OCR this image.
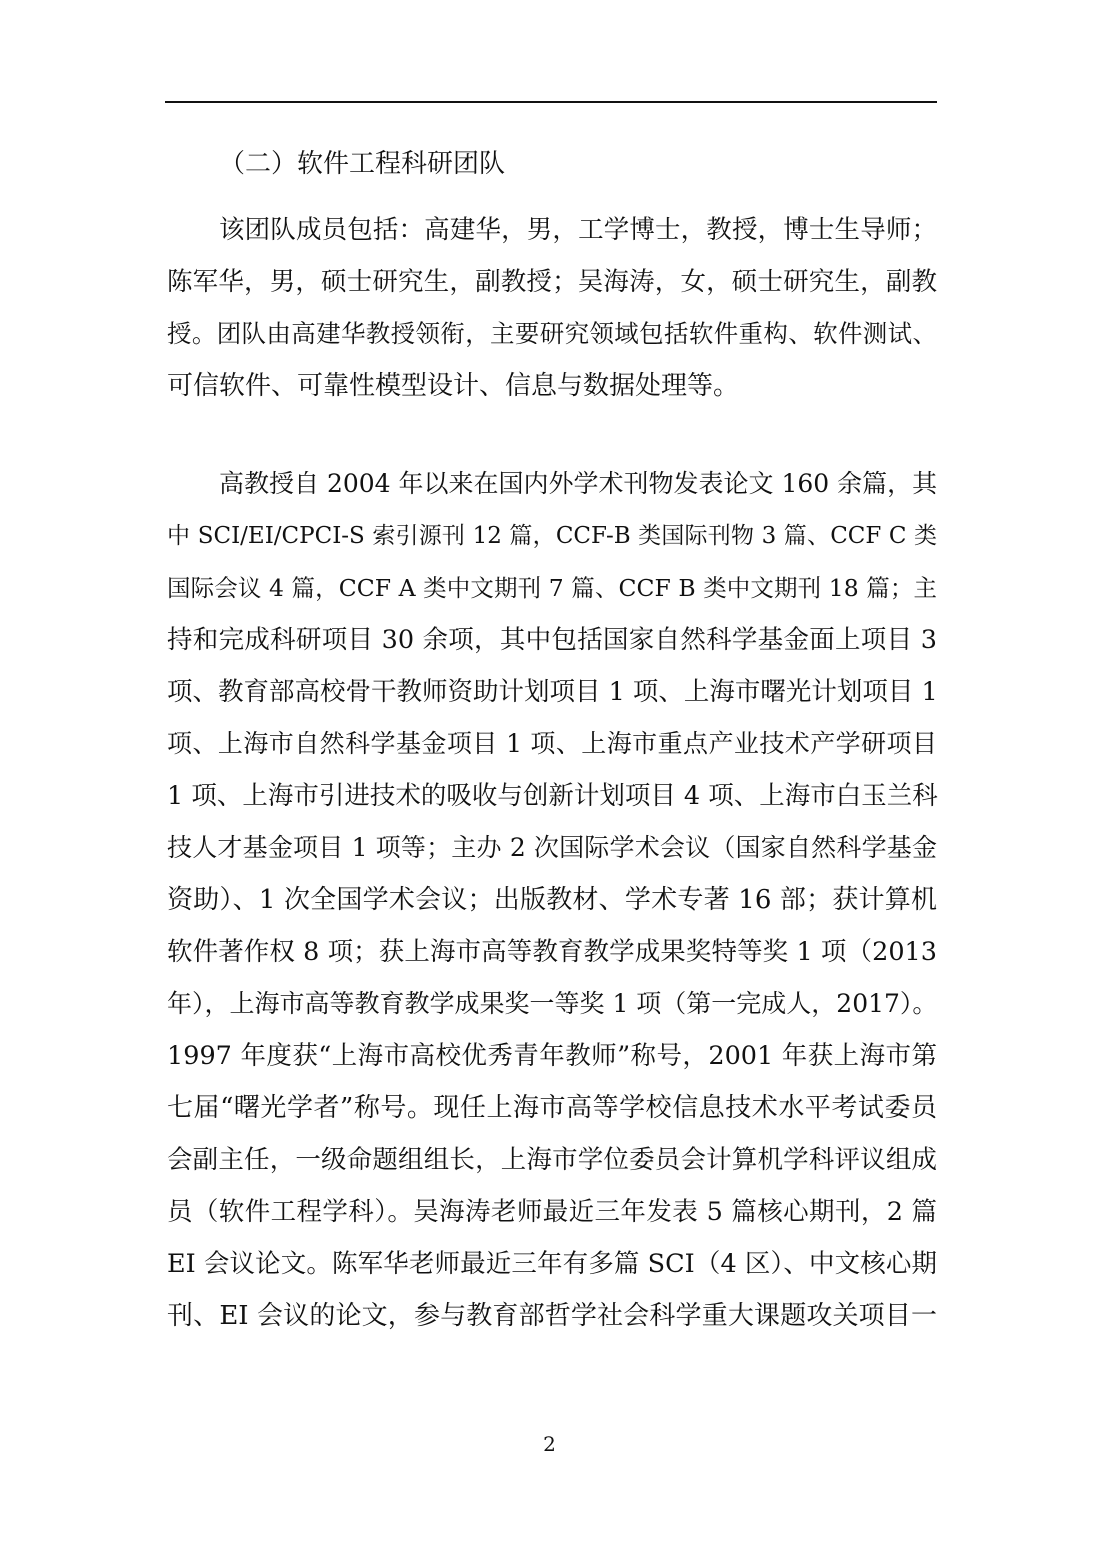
（二）软件工程科研团队
该团队成员包括：高建华，男，工学博士，教授，博士生导师；
陈军华，男，硕士研究生，副教授；吴海涛，女，硕士研究生，副教
授。团队由高建华教授领衔，主要研究领域包括软件重构、软件测试、
可信软件、可靠性模型设计、信息与数据处理等。
高教授自 2004 年以来在国内外学术刊物发表论文 160 余篇，其
中 SCI/EI/CPCI-S 索引源刊 12 篇，CCF-B 类国际刊物 3 篇、CCF C 类
国际会议 4 篇，CCF A 类中文期刊 7 篇、CCF B 类中文期刊 18 篇；主
持和完成科研项目 30 余项，其中包括国家自然科学基金面上项目 3
项、教育部高校骨干教师资助计划项目 1 项、上海市曙光计划项目 1
项、上海市自然科学基金项目 1 项、上海市重点产业技术产学研项目
1 项、上海市引进技术的吸收与创新计划项目 4 项、上海市白玉兰科
技人才基金项目 1 项等；主办 2 次国际学术会议（国家自然科学基金
资助）、1 次全国学术会议；出版教材、学术专著 16 部；获计算机
软件著作权 8 项；获上海市高等教育教学成果奖特等奖 1 项（2013
年），上海市高等教育教学成果奖一等奖 1 项（第一完成人，2017）。
1997 年度获“上海市高校优秀青年教师”称号，2001 年获上海市第
七届“曙光学者”称号。现任上海市高等学校信息技术水平考试委员
会副主任，一级命题组组长，上海市学位委员会计算机学科评议组成
员（软件工程学科）。吴海涛老师最近三年发表 5 篇核心期刊，2 篇
EI 会议论文。陈军华老师最近三年有多篇 SCI（4 区）、中文核心期
刊、EI 会议的论文，参与教育部哲学社会科学重大课题攻关项目一
2
